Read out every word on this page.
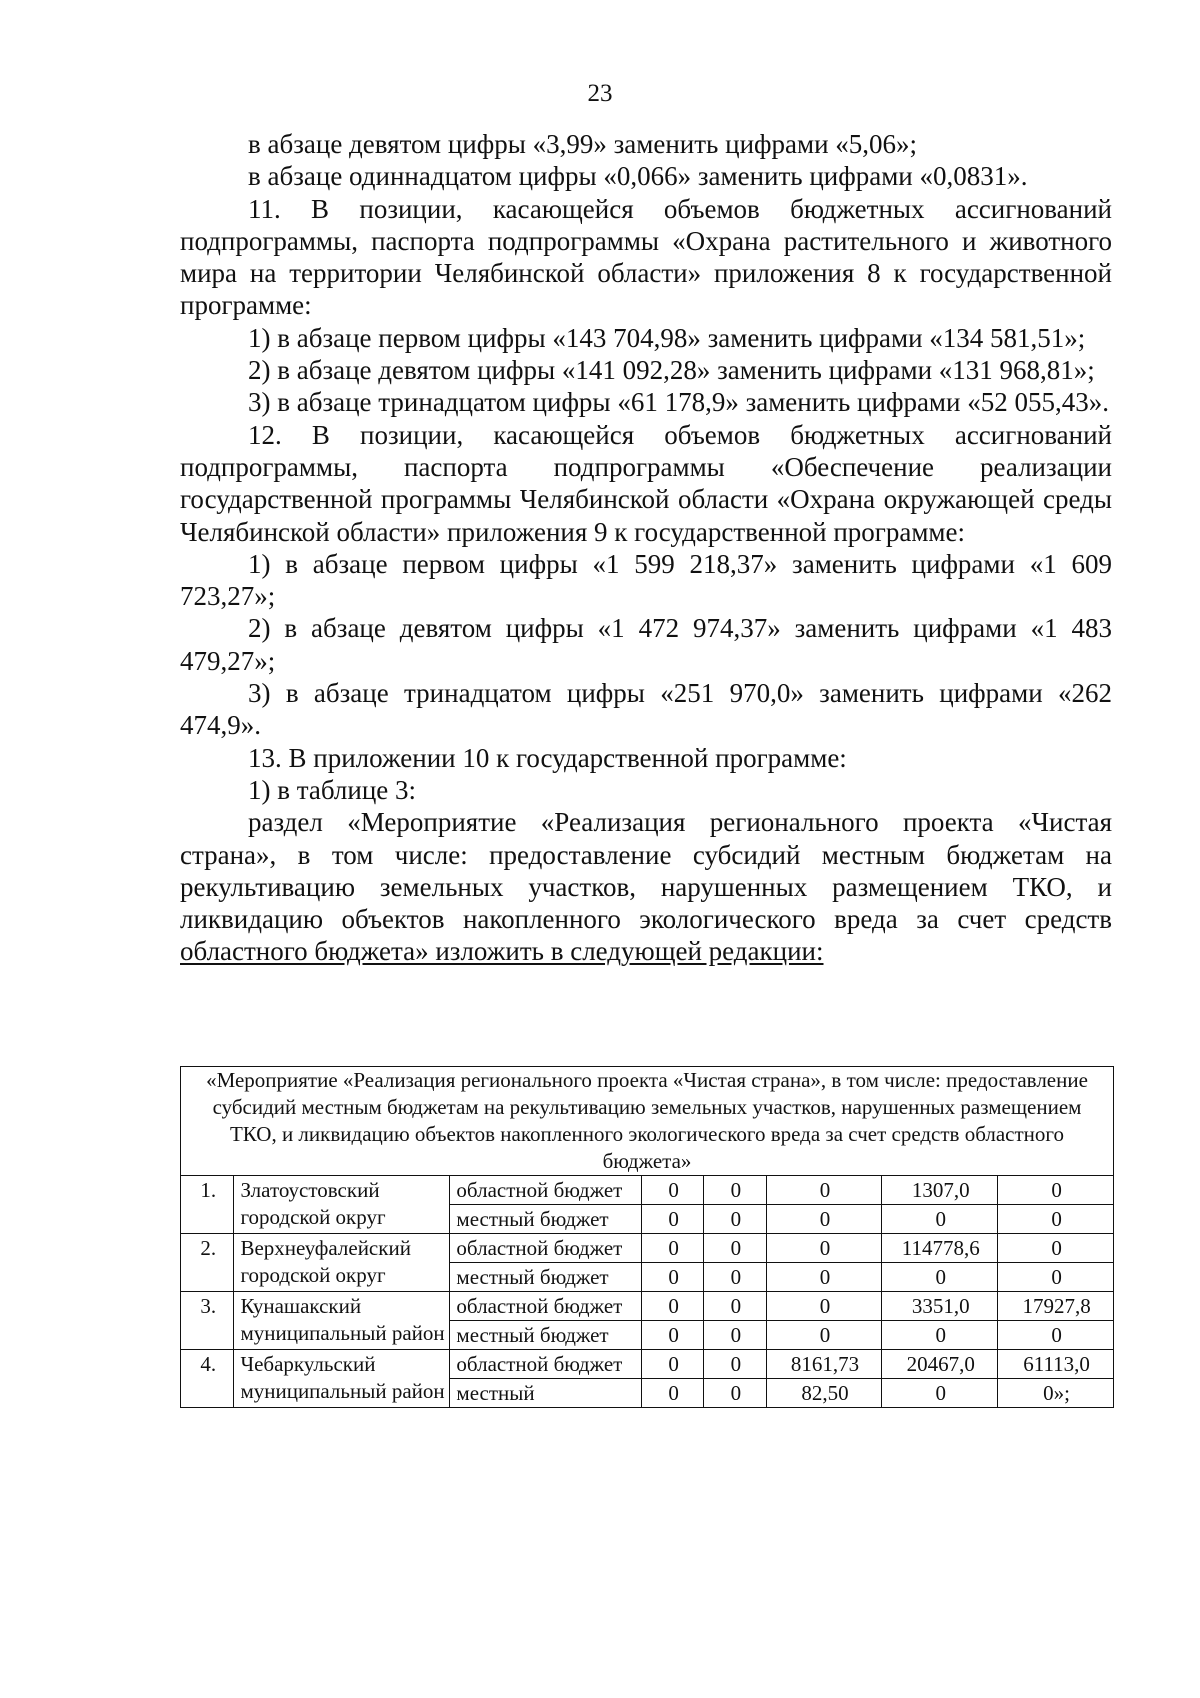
23

в абзаце девятом цифры «3,99» заменить цифрами «5,06»;

в абзаце одиннадцатом цифры «0,066» заменить цифрами «0,0831».

11. В позиции, касающейся объемов бюджетных ассигнований подпрограммы, паспорта подпрограммы «Охрана растительного и животного мира на территории Челябинской области» приложения 8 к государственной программе:

1) в абзаце первом цифры «143 704,98» заменить цифрами «134 581,51»;

2) в абзаце девятом цифры «141 092,28» заменить цифрами «131 968,81»;

3) в абзаце тринадцатом цифры «61 178,9» заменить цифрами «52 055,43».

12. В позиции, касающейся объемов бюджетных ассигнований подпрограммы, паспорта подпрограммы «Обеспечение реализации государственной программы Челябинской области «Охрана окружающей среды Челябинской области» приложения 9 к государственной программе:

1) в абзаце первом цифры «1 599 218,37» заменить цифрами «1 609 723,27»;

2) в абзаце девятом цифры «1 472 974,37» заменить цифрами «1 483 479,27»;

3) в абзаце тринадцатом цифры «251 970,0» заменить цифрами «262 474,9».

13. В приложении 10 к государственной программе:

1) в таблице 3:

раздел «Мероприятие «Реализация регионального проекта «Чистая страна», в том числе: предоставление субсидий местным бюджетам на рекультивацию земельных участков, нарушенных размещением ТКО, и ликвидацию объектов накопленного экологического вреда за счет средств

областного бюджета» изложить в следующей редакции:

«Мероприятие «Реализация регионального проекта «Чистая страна», в том числе: предоставление субсидий местным бюджетам на рекультивацию земельных участков, нарушенных размещением ТКО, и ликвидацию объектов накопленного экологического вреда за счет средств областного бюджета»							
1.	Златоустовский городской округ	областной бюджет	0	0	0	1307,0	0
		местный бюджет	0	0	0	0	0
2.	Верхнеуфалейский городской округ	областной бюджет	0	0	0	114778,6	0
		местный бюджет	0	0	0	0	0
3.	Кунашакский муниципальный район	областной бюджет	0	0	0	3351,0	17927,8
		местный бюджет	0	0	0	0	0
4.	Чебаркульский муниципальный район	областной бюджет	0	0	8161,73	20467,0	61113,0
		местный	0	0	82,50	0	0»;
